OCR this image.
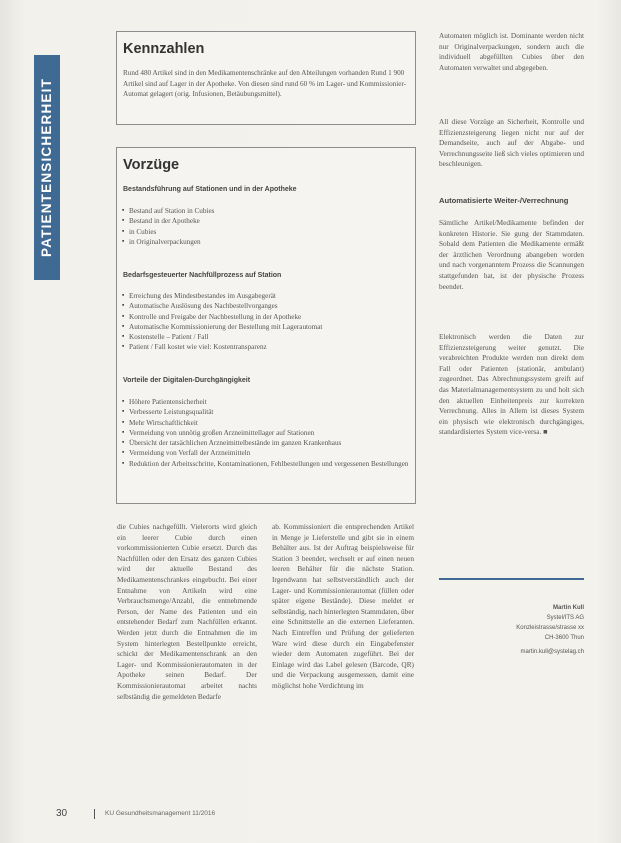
PATIENTENSICHERHEIT
Kennzahlen

Rund 480 Artikel sind in den Medikamentenschränke auf den Abteilungen vorhanden Rund 1 900 Artikel sind auf Lager in der Apotheke. Von diesen sind rund 60 % im Lager- und Kommissionier-Automat gelagert (orig. Infusionen, Betäubungsmittel).

Vorzüge
Bestandsführung auf Stationen und in der Apotheke
▪ Bestand auf Station in Cubies
▪ Bestand in der Apotheke
▪ in Cubies
▪ in Originalverpackungen
Bedarfsgesteuerter Nachfüllprozess auf Station
▪ Erreichung des Mindestbestandes im Ausgabegerät
▪ Automatische Auslösung des Nachbestellvorganges
▪ Kontrolle und Freigabe der Nachbestellung in der Apotheke
▪ Automatische Kommissionierung der Bestellung mit Lagerautomat
▪ Kostenstelle – Patient / Fall
▪ Patient / Fall kostet wie viel: Kostentransparenz
Vorteile der Digitalen-Durchgängigkeit
▪ Höhere Patientensicherheit
▪ Verbesserte Leistungsqualität
▪ Mehr Wirtschaftlichkeit
▪ Vermeidung von unnötig großen Arzneimittellager auf Stationen
▪ Übersicht der tatsächlichen Arzneimittelbestände im ganzen Krankenhaus
▪ Vermeidung von Verfall der Arzneimitteln
▪ Reduktion der Arbeitsschritte, Kontaminationen, Fehlbestellungen und vergessenen Bestellungen

die Cubies nachgefüllt. Vielerorts wird gleich ein leerer Cubie durch einen vorkommissionierten Cubie ersetzt. Durch das Nachfüllen oder den Ersatz des ganzen Cubies wird der aktuelle Bestand des Medikamentenschrankes eingebucht. Bei einer Entnahme von Artikeln wird eine Verbrauchsmenge/Anzahl, die entnehmende Person, der Name des Patienten und ein entstehender Bedarf zum Nachfüllen erkannt. Werden jetzt durch die Entnahmen die im System hinterlegten Bestellpunkte erreicht, schickt der Medikamentenschrank an den Lager- und Kommissionierautomaten in der Apotheke seinen Bedarf. Der Kommissionierautomat arbeitet nachts selbständig die gemeldeten Bedarfe

ab. Kommissioniert die entsprechenden Artikel in Menge je Lieferstelle und gibt sie in einem Behälter aus. Ist der Auftrag beispielsweise für Station 3 beendet, wechselt er auf einen neuen leeren Behälter für die nächste Station. Irgendwann hat selbstverständlich auch der Lager- und Kommissionierautomat (füllen oder später eigene Bestände). Diese meldet er selbständig, nach hinterlegten Stammdaten, über eine Schnittstelle an die externen Lieferanten. Nach Eintreffen und Prüfung der gelieferten Ware wird diese durch ein Eingabefenster wieder dem Automaten zugeführt. Bei der Einlage wird das Label gelesen (Barcode, QR) und die Verpackung ausgemessen, damit eine möglichst hohe Verdichtung im

Automaten möglich ist. Dominante werden nicht nur Originalverpackungen, sondern auch die individuell abgefüllten Cubies über den Automaten verwaltet und abgegeben.

All diese Vorzüge an Sicherheit, Kontrolle und Effizienzsteigerung liegen nicht nur auf der Demandseite, auch auf der Abgabe- und Verrechnungsseite ließ sich vieles optimieren und beschleunigen.

Automatisierte Weiter-/Verrechnung

Sämtliche Artikel/Medikamente befinden der konkreten Historie. Sie gung der Stammdaten. Sobald dem Patienten die Medikamente ermäßt der ärztlichen Verordnung abangeben worden und nach vorgenanntem Prozess die Scannungen stattgefunden hat, ist der physische Prozess beendet.

Elektronisch werden die Daten zur Effizienzsteigerung weiter genutzt. Die verabreichten Produkte werden nun direkt dem Fall oder Patienten (stationär, ambulant) zugeordnet. Das Abrechnungssystem greift auf das Materialmanagementsystem zu und holt sich den aktuellen Einheitenpreis zur korrekten Verrechnung. Alles in Allem ist dieses System ein physisch wie elektronisch durchgängiges, standardisiertes System vice-versa. ■

Martin Kull

Systel/ITS AG

Konzleistrasse/strasse xx

CH-3600 Thun

martin.kull@systelag.ch

30	KU Gesundheitsmanagement 11/2016
